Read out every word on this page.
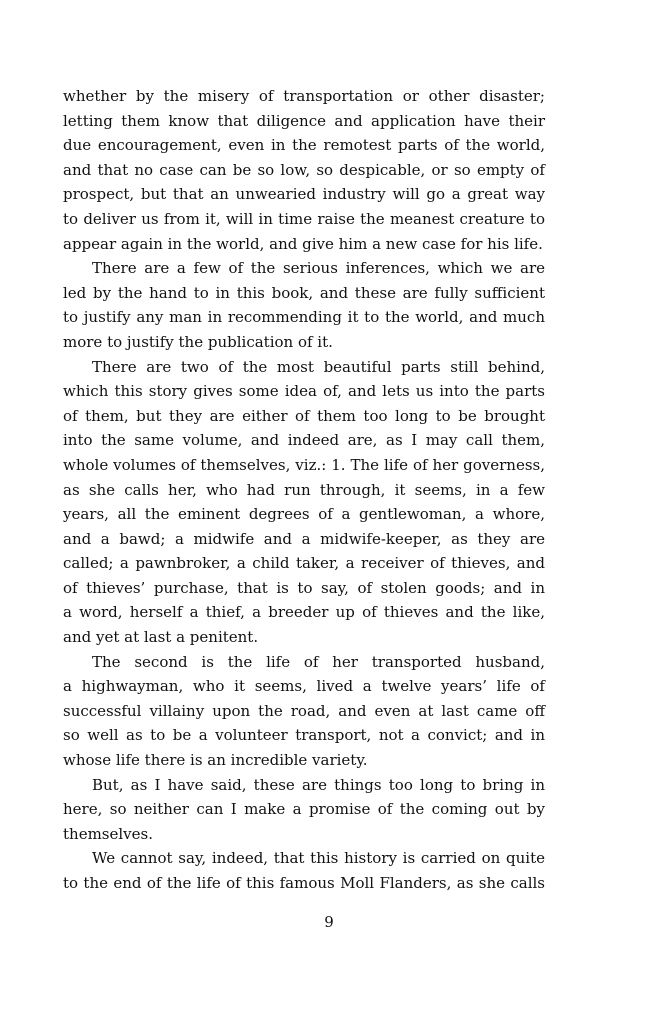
whether by the misery of transportation or other disaster;
letting them know that diligence and application have their
due encouragement, even in the remotest parts of the world,
and that no case can be so low, so despicable, or so empty of
prospect, but that an unwearied industry will go a great way
to deliver us from it, will in time raise the meanest creature to
appear again in the world, and give him a new case for his life.
There are a few of the serious inferences, which we are
led by the hand to in this book, and these are fully sufficient
to justify any man in recommending it to the world, and much
more to justify the publication of it.
There are two of the most beautiful parts still behind,
which this story gives some idea of, and lets us into the parts
of them, but they are either of them too long to be brought
into the same volume, and indeed are, as I may call them,
whole volumes of themselves, viz.: 1. The life of her governess,
as she calls her, who had run through, it seems, in a few
years, all the eminent degrees of a gentlewoman, a whore,
and a bawd; a midwife and a midwife-keeper, as they are
called; a pawnbroker, a child taker, a receiver of thieves, and
of thieves’ purchase, that is to say, of stolen goods; and in
a word, herself a thief, a breeder up of thieves and the like,
and yet at last a penitent.
The second is the life of her transported husband,
a highwayman, who it seems, lived a twelve years’ life of
successful villainy upon the road, and even at last came off
so well as to be a volunteer transport, not a convict; and in
whose life there is an incredible variety.
But, as I have said, these are things too long to bring in
here, so neither can I make a promise of the coming out by
themselves.
We cannot say, indeed, that this history is carried on quite
to the end of the life of this famous Moll Flanders, as she calls
9
